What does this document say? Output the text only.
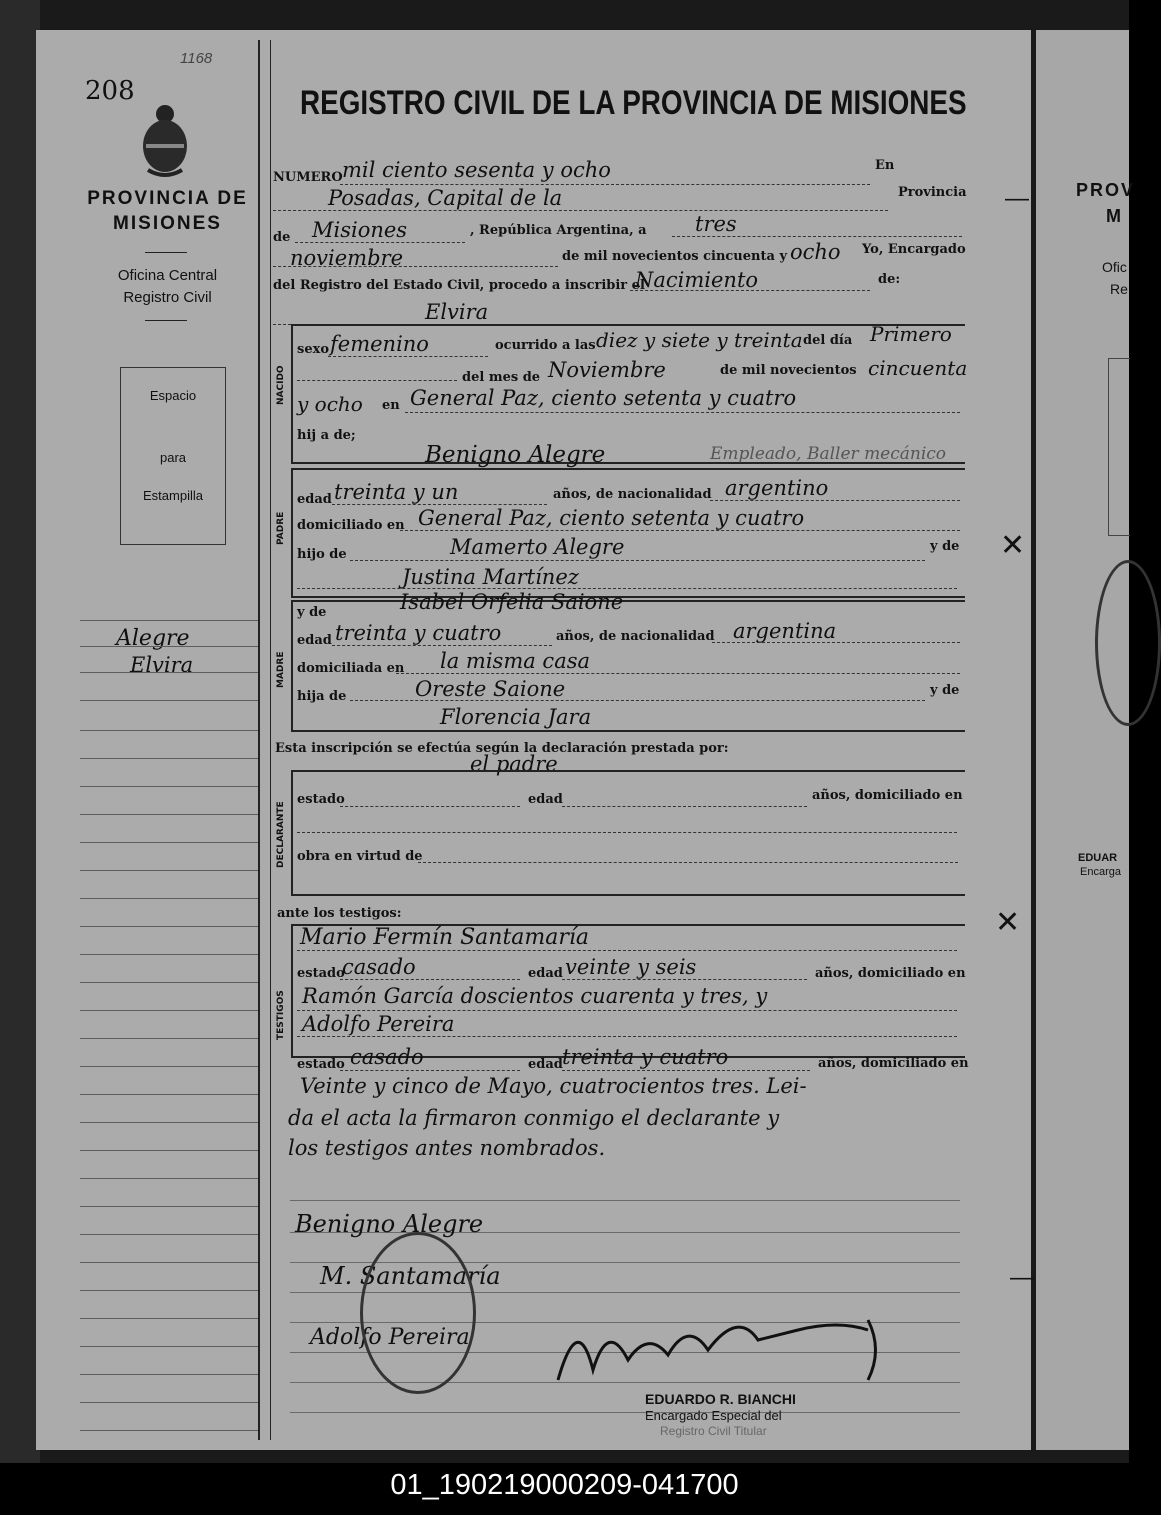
PROV
M
Ofic
Re
EDUAR
Encarga
208
1168
PROVINCIA DE
MISIONES
Oficina Central
Registro Civil
Espacio
para
Estampilla
Alegre
Elvira
REGISTRO CIVIL DE LA PROVINCIA DE MISIONES
NUMERO mil ciento sesenta y ocho	En
Posadas, Capital de la	Provincia
de Misiones	, República Argentina, a tres
noviembre	de mil novecientos cincuenta y ocho Yo, Encargado
del Registro del Estado Civil, procedo a inscribir el
Nacimiento	de:
Elvira
NACIDO
sexo femenino	ocurrido a las diez y siete y treinta del día Primero
del mes de Noviembre	de mil novecientos cincuenta
y ocho en General Paz, ciento setenta y cuatro
hij a de;
PADRE
Benigno Alegre	Empleado, Baller mecánico
edad treinta y un	años, de nacionalidad argentino
domiciliado en General Paz, ciento setenta y cuatro
hijo de	Mamerto Alegre	y de
Justina Martínez
MADRE
y de	Isabel Orfelia Saione
edad treinta y cuatro	años, de nacionalidad argentina
domiciliada en la misma casa
hija de	Oreste Saione	y de
Florencia Jara
Esta inscripción se efectúa según la declaración prestada por:
el padre
DECLARANTE
estado	edad	años, domiciliado en
obra en virtud de
ante los testigos:
TESTIGOS
Mario Fermín Santamaría
estado
casado	edad veinte y seis	años, domiciliado en
Ramón García doscientos cuarenta y tres, y
Adolfo Pereira
estado casado	edad treinta y cuatro	años, domiciliado en
Veinte y cinco de Mayo, cuatrocientos tres. Lei-
da el acta la firmaron conmigo el declarante y
los testigos antes nombrados.
Benigno Alegre
M. Santamaría
Adolfo Pereira
EDUARDO R. BIANCHI
Encargado Especial del
Registro Civil Titular
—
✕
✕
—
01_190219000209-041700
